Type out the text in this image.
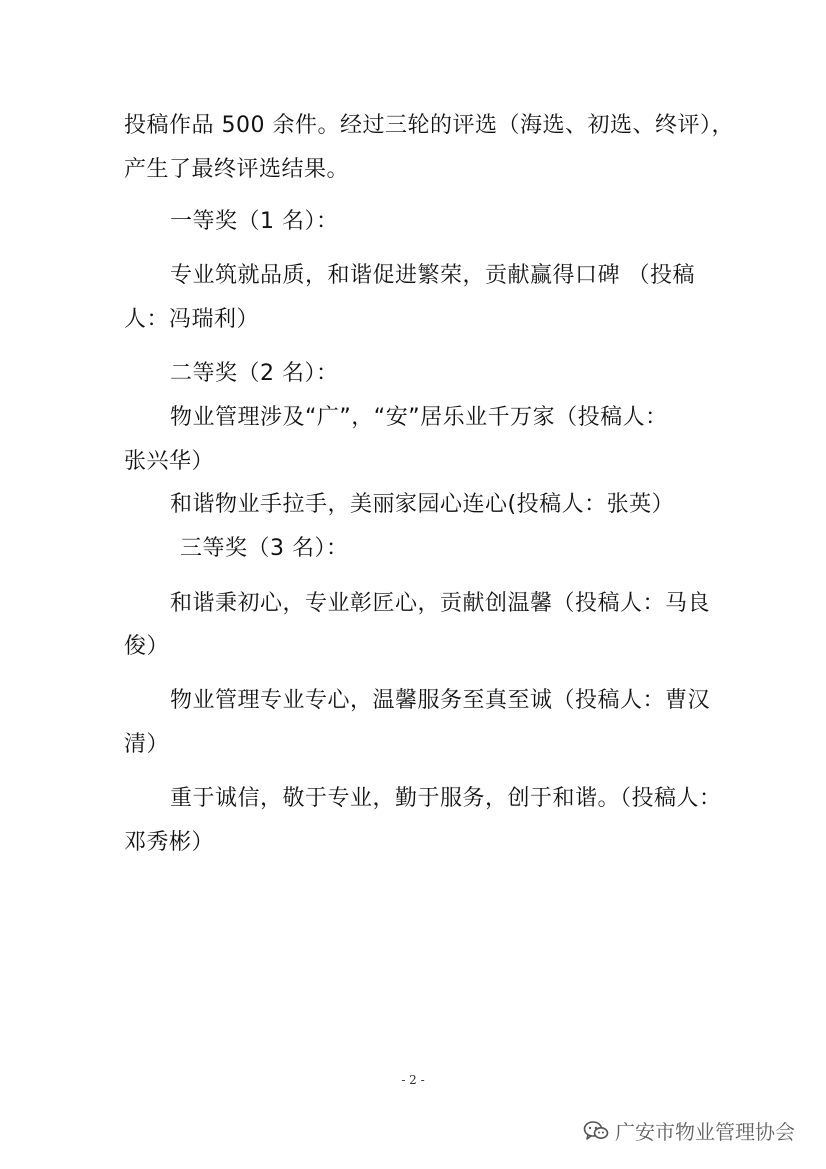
投稿作品 500 余件。经过三轮的评选（海选、初选、终评），
产生了最终评选结果。
一等奖（1 名）：
专业筑就品质，和谐促进繁荣，贡献赢得口碑 （投稿
人：冯瑞利）
二等奖（2 名）：
物业管理涉及“广”，“安”居乐业千万家（投稿人：
张兴华）
和谐物业手拉手，美丽家园心连心(投稿人：张英）
三等奖（3 名）：
和谐秉初心，专业彰匠心，贡献创温馨（投稿人：马良
俊）
物业管理专业专心，温馨服务至真至诚（投稿人：曹汉
清）
重于诚信，敬于专业，勤于服务，创于和谐。（投稿人：
邓秀彬）
- 2 -
广安市物业管理协会
